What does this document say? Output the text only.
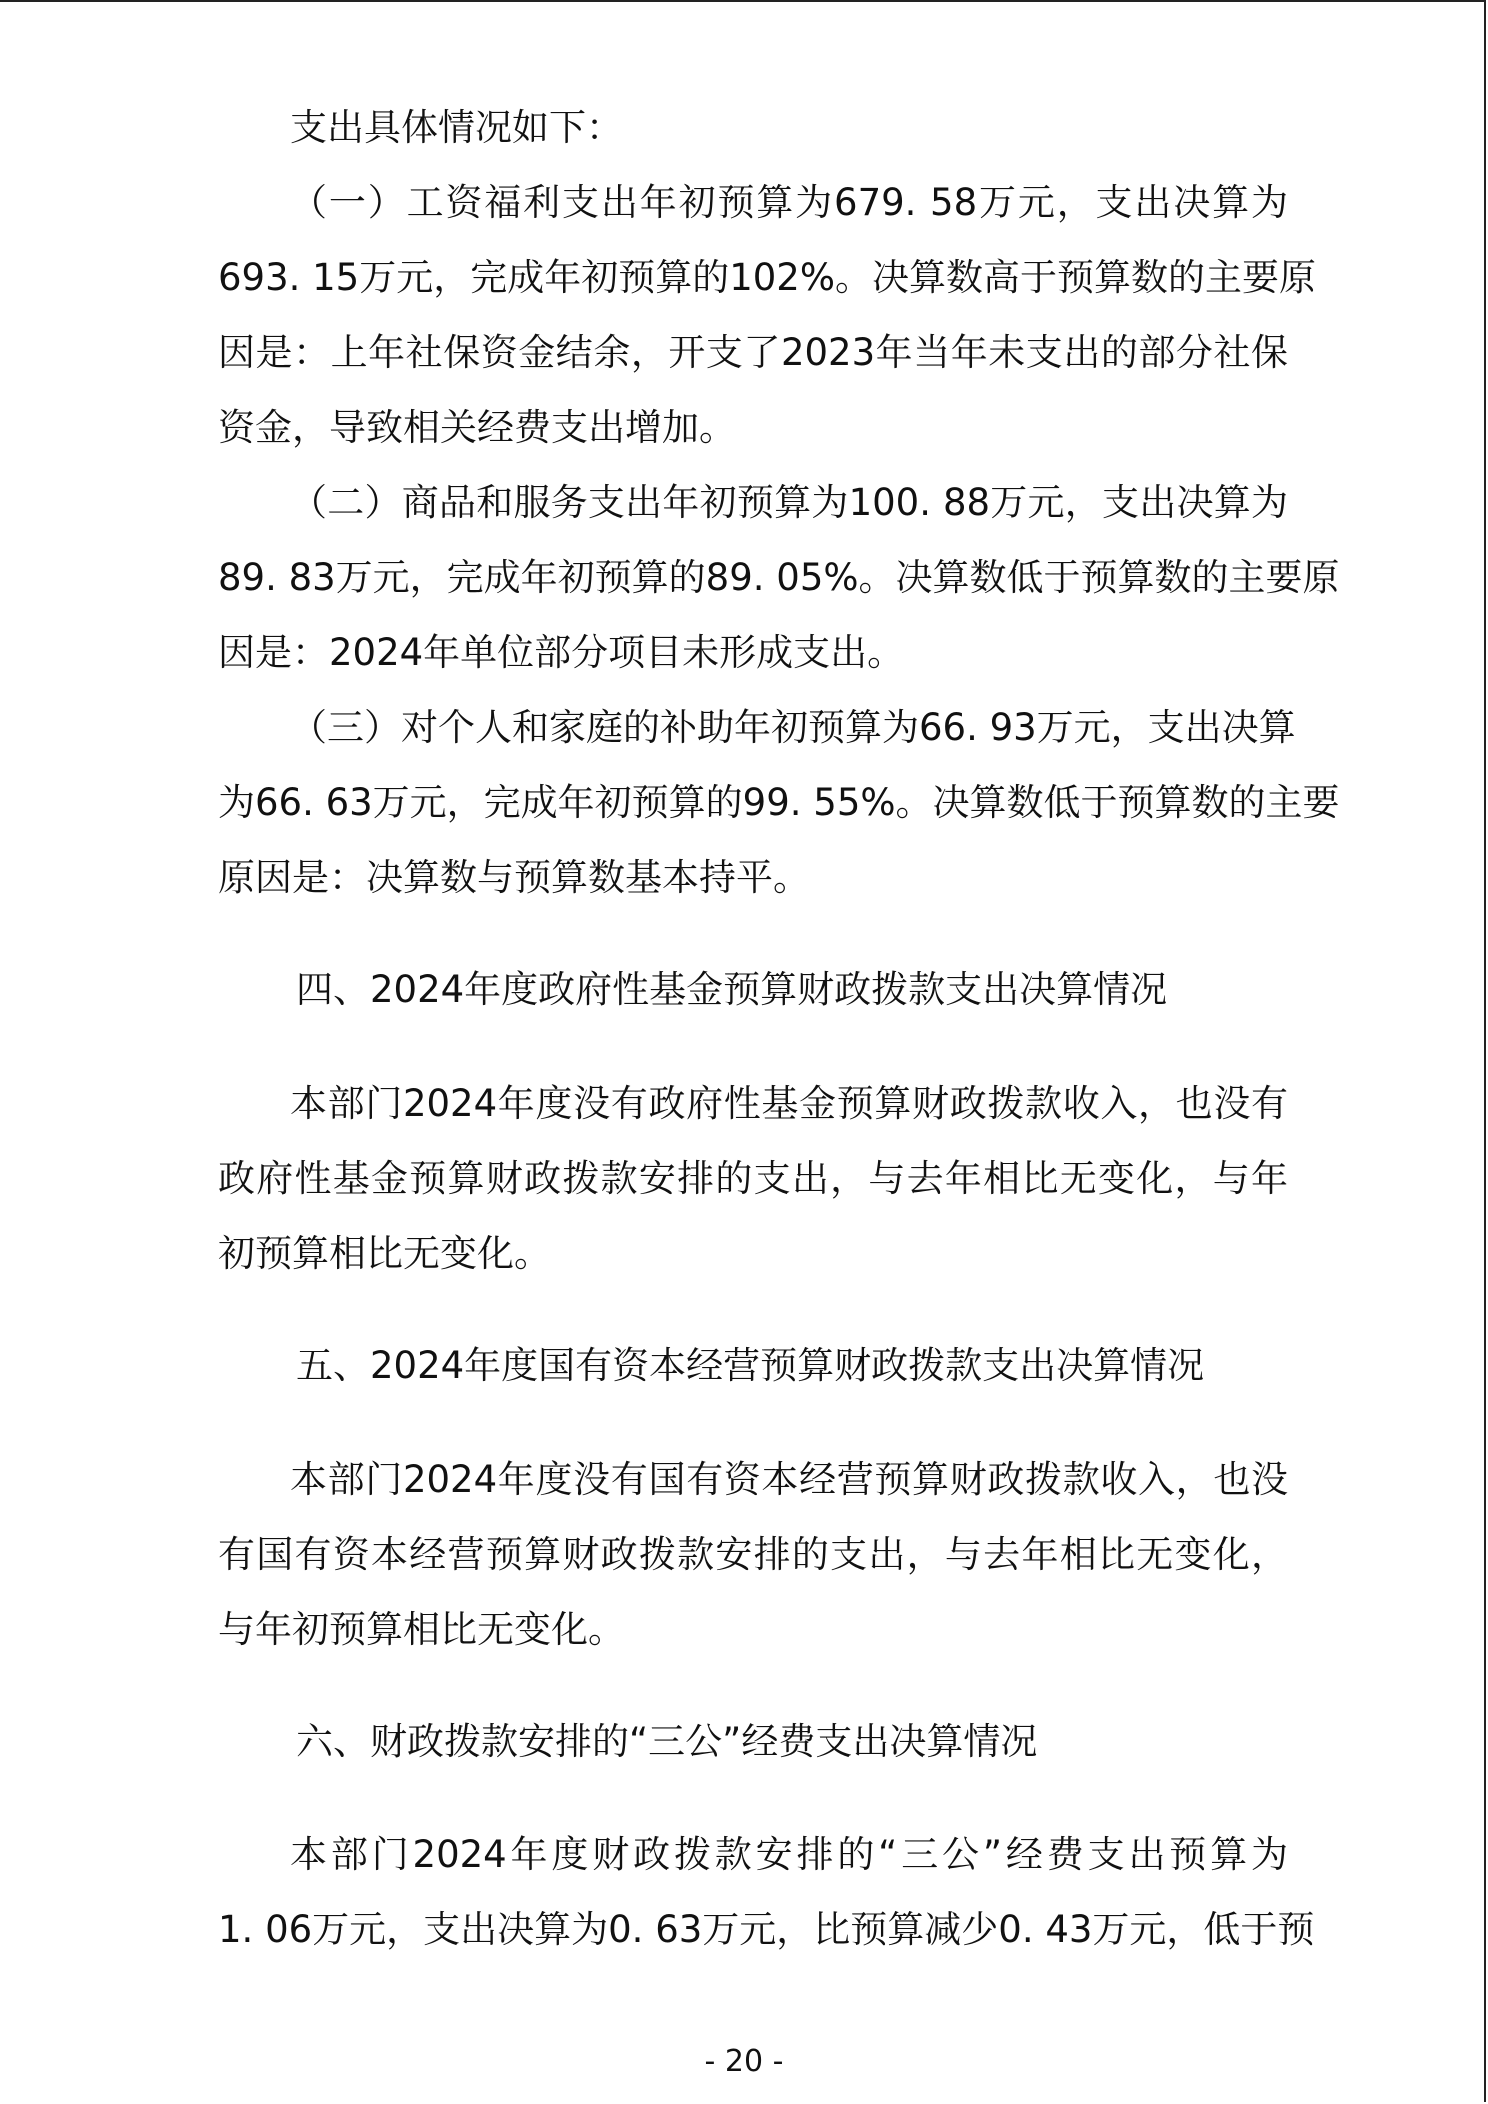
支出具体情况如下：
（一）工资福利支出年初预算为679. 58万元，支出决算为
693. 15万元，完成年初预算的102%。决算数高于预算数的主要原
因是：上年社保资金结余，开支了2023年当年未支出的部分社保
资金，导致相关经费支出增加。
（二）商品和服务支出年初预算为100. 88万元，支出决算为
89. 83万元，完成年初预算的89. 05%。决算数低于预算数的主要原
因是：2024年单位部分项目未形成支出。
（三）对个人和家庭的补助年初预算为66. 93万元，支出决算
为66. 63万元，完成年初预算的99. 55%。决算数低于预算数的主要
原因是：决算数与预算数基本持平。
四、2024年度政府性基金预算财政拨款支出决算情况
本部门2024年度没有政府性基金预算财政拨款收入，也没有
政府性基金预算财政拨款安排的支出，与去年相比无变化，与年
初预算相比无变化。
五、2024年度国有资本经营预算财政拨款支出决算情况
本部门2024年度没有国有资本经营预算财政拨款收入，也没
有国有资本经营预算财政拨款安排的支出，与去年相比无变化，
与年初预算相比无变化。
六、财政拨款安排的“三公”经费支出决算情况
本部门2024年度财政拨款安排的“三公”经费支出预算为
1. 06万元，支出决算为0. 63万元，比预算减少0. 43万元，低于预
- 20 -
